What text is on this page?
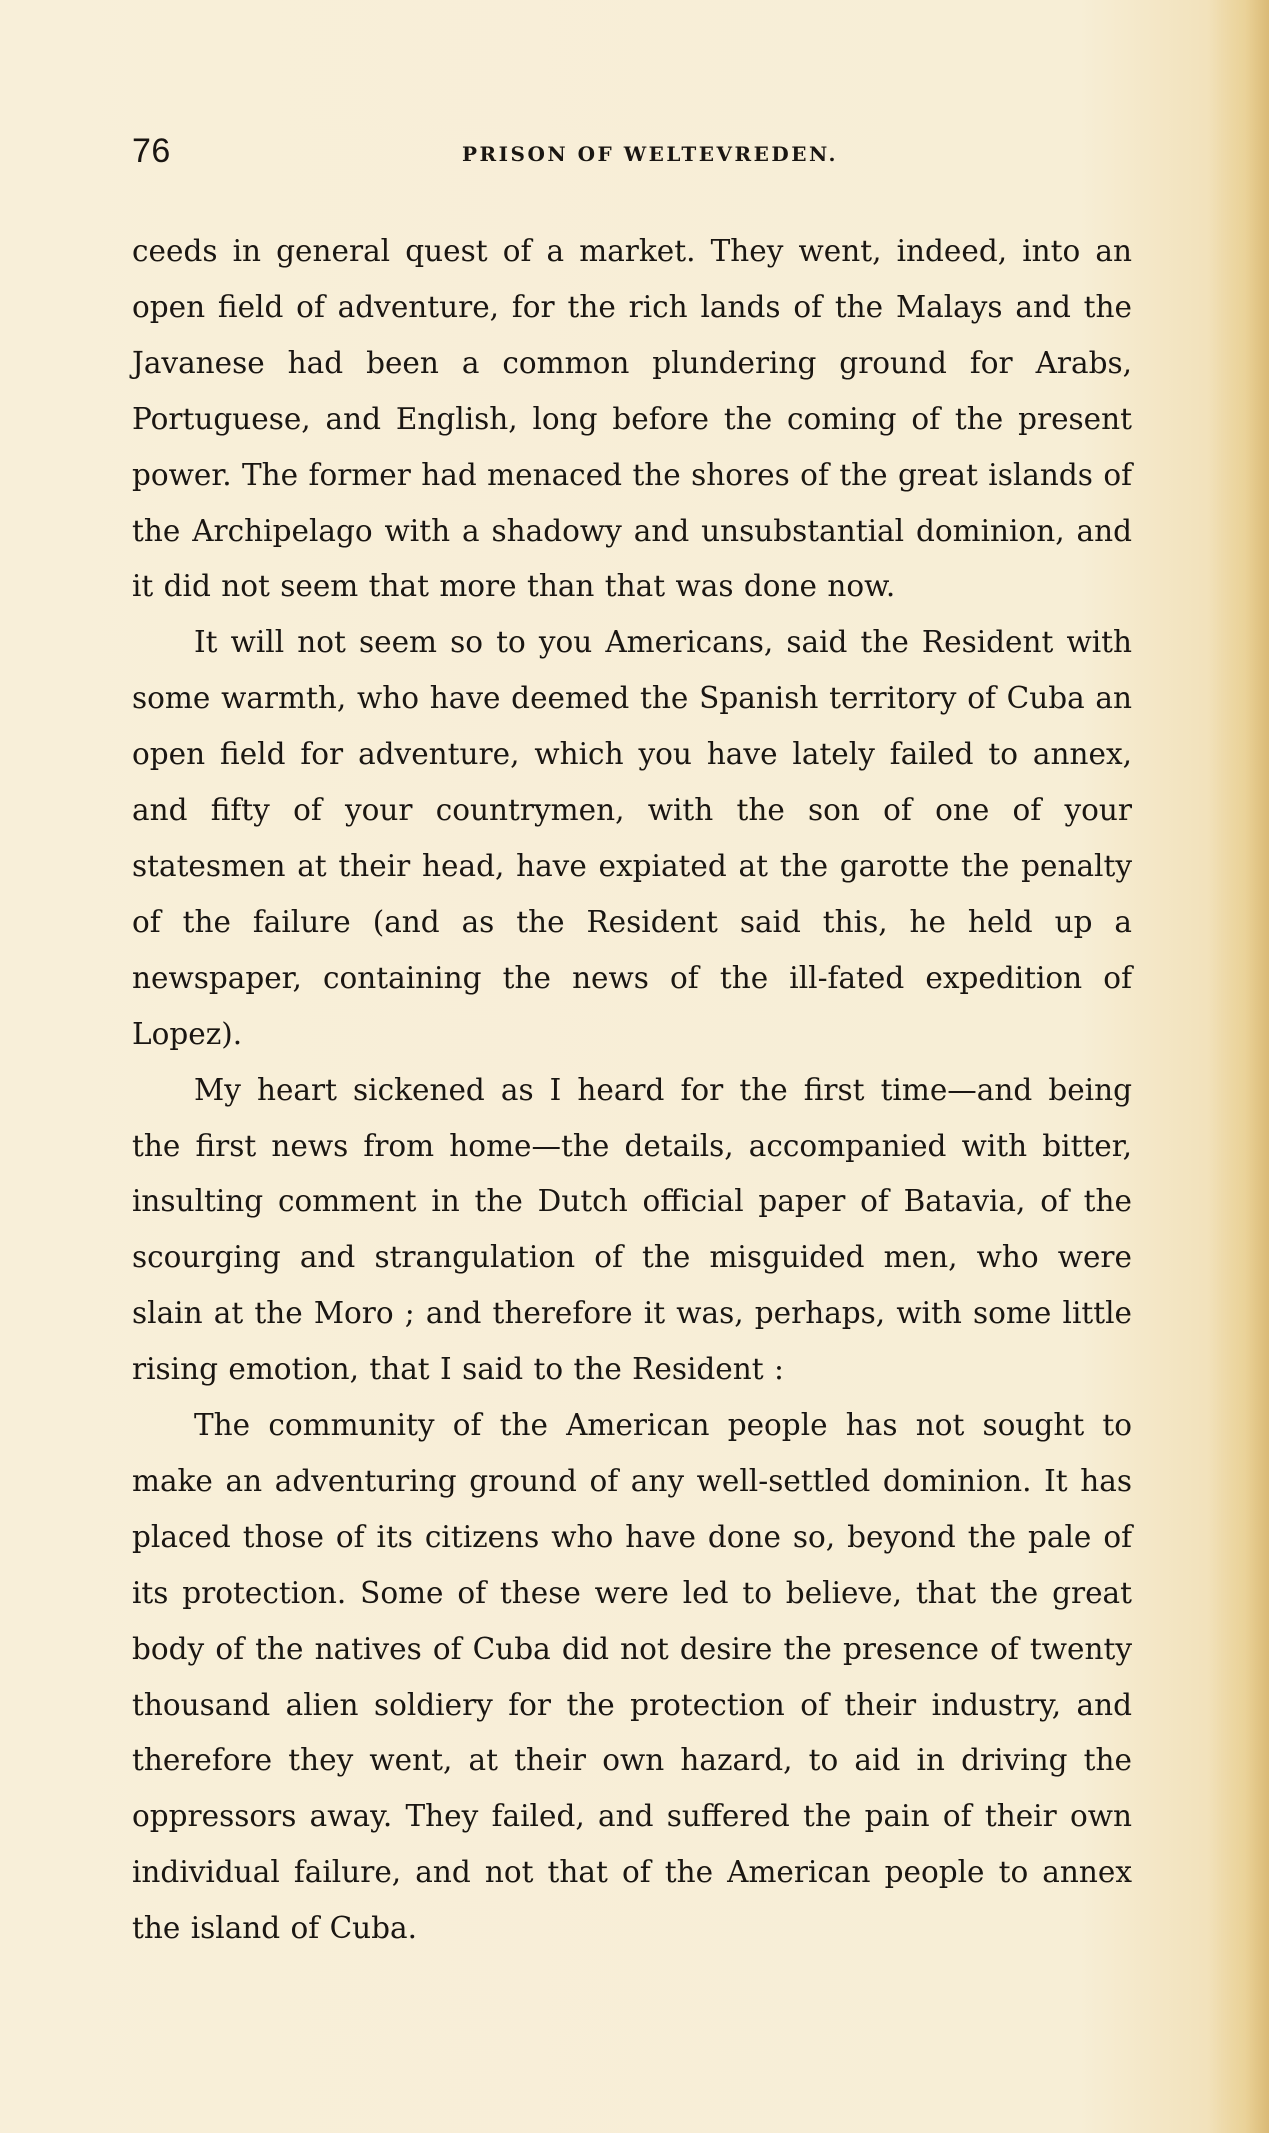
76	PRISON OF WELTEVREDEN.

ceeds in general quest of a market. They went, indeed, into an open field of adventure, for the rich lands of the Malays and the Javanese had been a common plundering ground for Arabs, Portuguese, and English, long before the coming of the present power. The former had menaced the shores of the great islands of the Archipelago with a shadowy and unsubstantial dominion, and it did not seem that more than that was done now.

It will not seem so to you Americans, said the Resident with some warmth, who have deemed the Spanish territory of Cuba an open field for adventure, which you have lately failed to annex, and fifty of your countrymen, with the son of one of your statesmen at their head, have expiated at the garotte the penalty of the failure (and as the Resident said this, he held up a newspaper, containing the news of the ill-fated expedition of Lopez).

My heart sickened as I heard for the first time—and being the first news from home—the details, accompanied with bitter, insulting comment in the Dutch official paper of Batavia, of the scourging and strangulation of the misguided men, who were slain at the Moro ; and therefore it was, perhaps, with some little rising emotion, that I said to the Resident :

The community of the American people has not sought to make an adventuring ground of any well-settled dominion. It has placed those of its citizens who have done so, beyond the pale of its protection. Some of these were led to believe, that the great body of the natives of Cuba did not desire the presence of twenty thousand alien soldiery for the protection of their industry, and therefore they went, at their own hazard, to aid in driving the oppressors away. They failed, and suffered the pain of their own individual failure, and not that of the American people to annex the island of Cuba.
